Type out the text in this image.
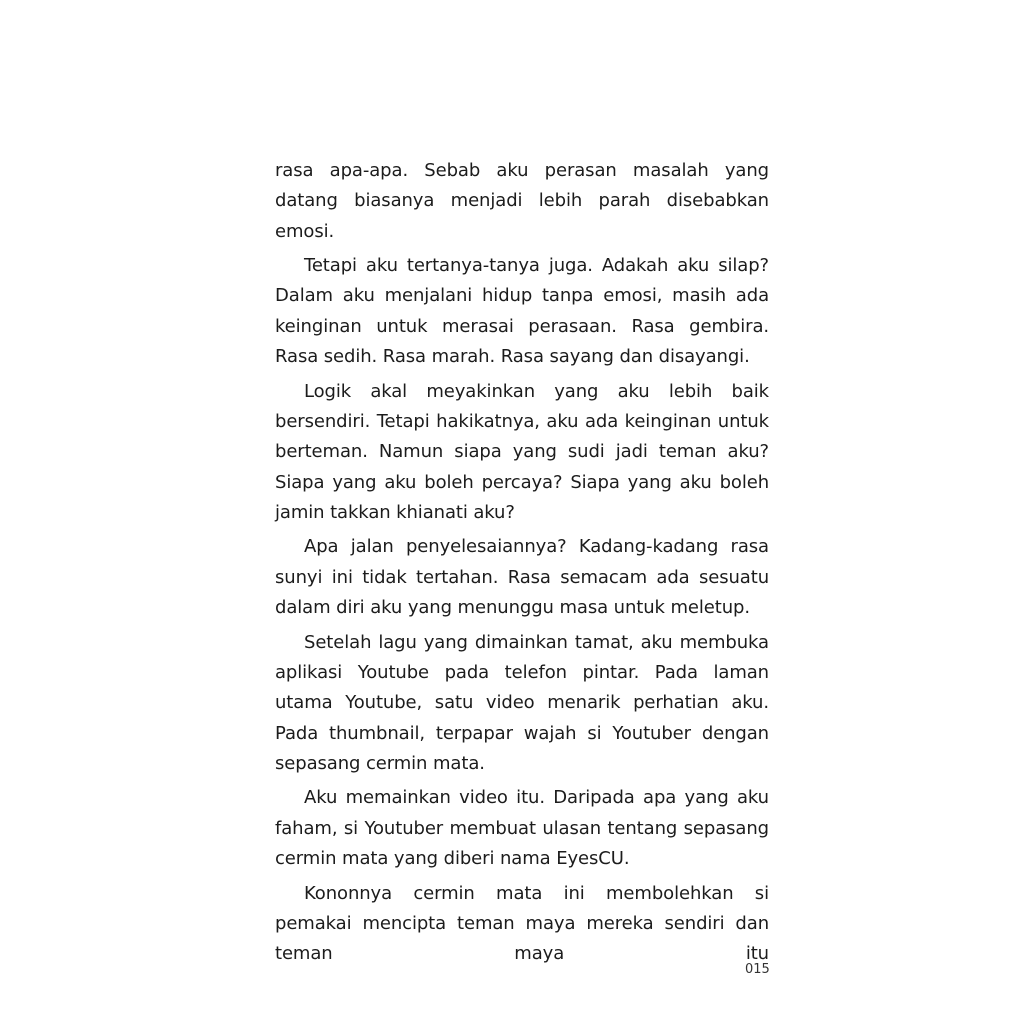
rasa apa-apa. Sebab aku perasan masalah yang datang biasanya menjadi lebih parah disebabkan emosi.

Tetapi aku tertanya-tanya juga. Adakah aku silap? Dalam aku menjalani hidup tanpa emosi, masih ada keinginan untuk merasai perasaan. Rasa gembira. Rasa sedih. Rasa marah. Rasa sayang dan disayangi.

Logik akal meyakinkan yang aku lebih baik bersendiri. Tetapi hakikatnya, aku ada keinginan untuk berteman. Namun siapa yang sudi jadi teman aku? Siapa yang aku boleh percaya? Siapa yang aku boleh jamin takkan khianati aku?

Apa jalan penyelesaiannya? Kadang-kadang rasa sunyi ini tidak tertahan. Rasa semacam ada sesuatu dalam diri aku yang menunggu masa untuk meletup.

Setelah lagu yang dimainkan tamat, aku membuka aplikasi Youtube pada telefon pintar. Pada laman utama Youtube, satu video menarik perhatian aku. Pada thumbnail, terpapar wajah si Youtuber dengan sepasang cermin mata.

Aku memainkan video itu. Daripada apa yang aku faham, si Youtuber membuat ulasan tentang sepasang cermin mata yang diberi nama EyesCU.

Kononnya cermin mata ini membolehkan si pemakai mencipta teman maya mereka sendiri dan teman maya itu

015
